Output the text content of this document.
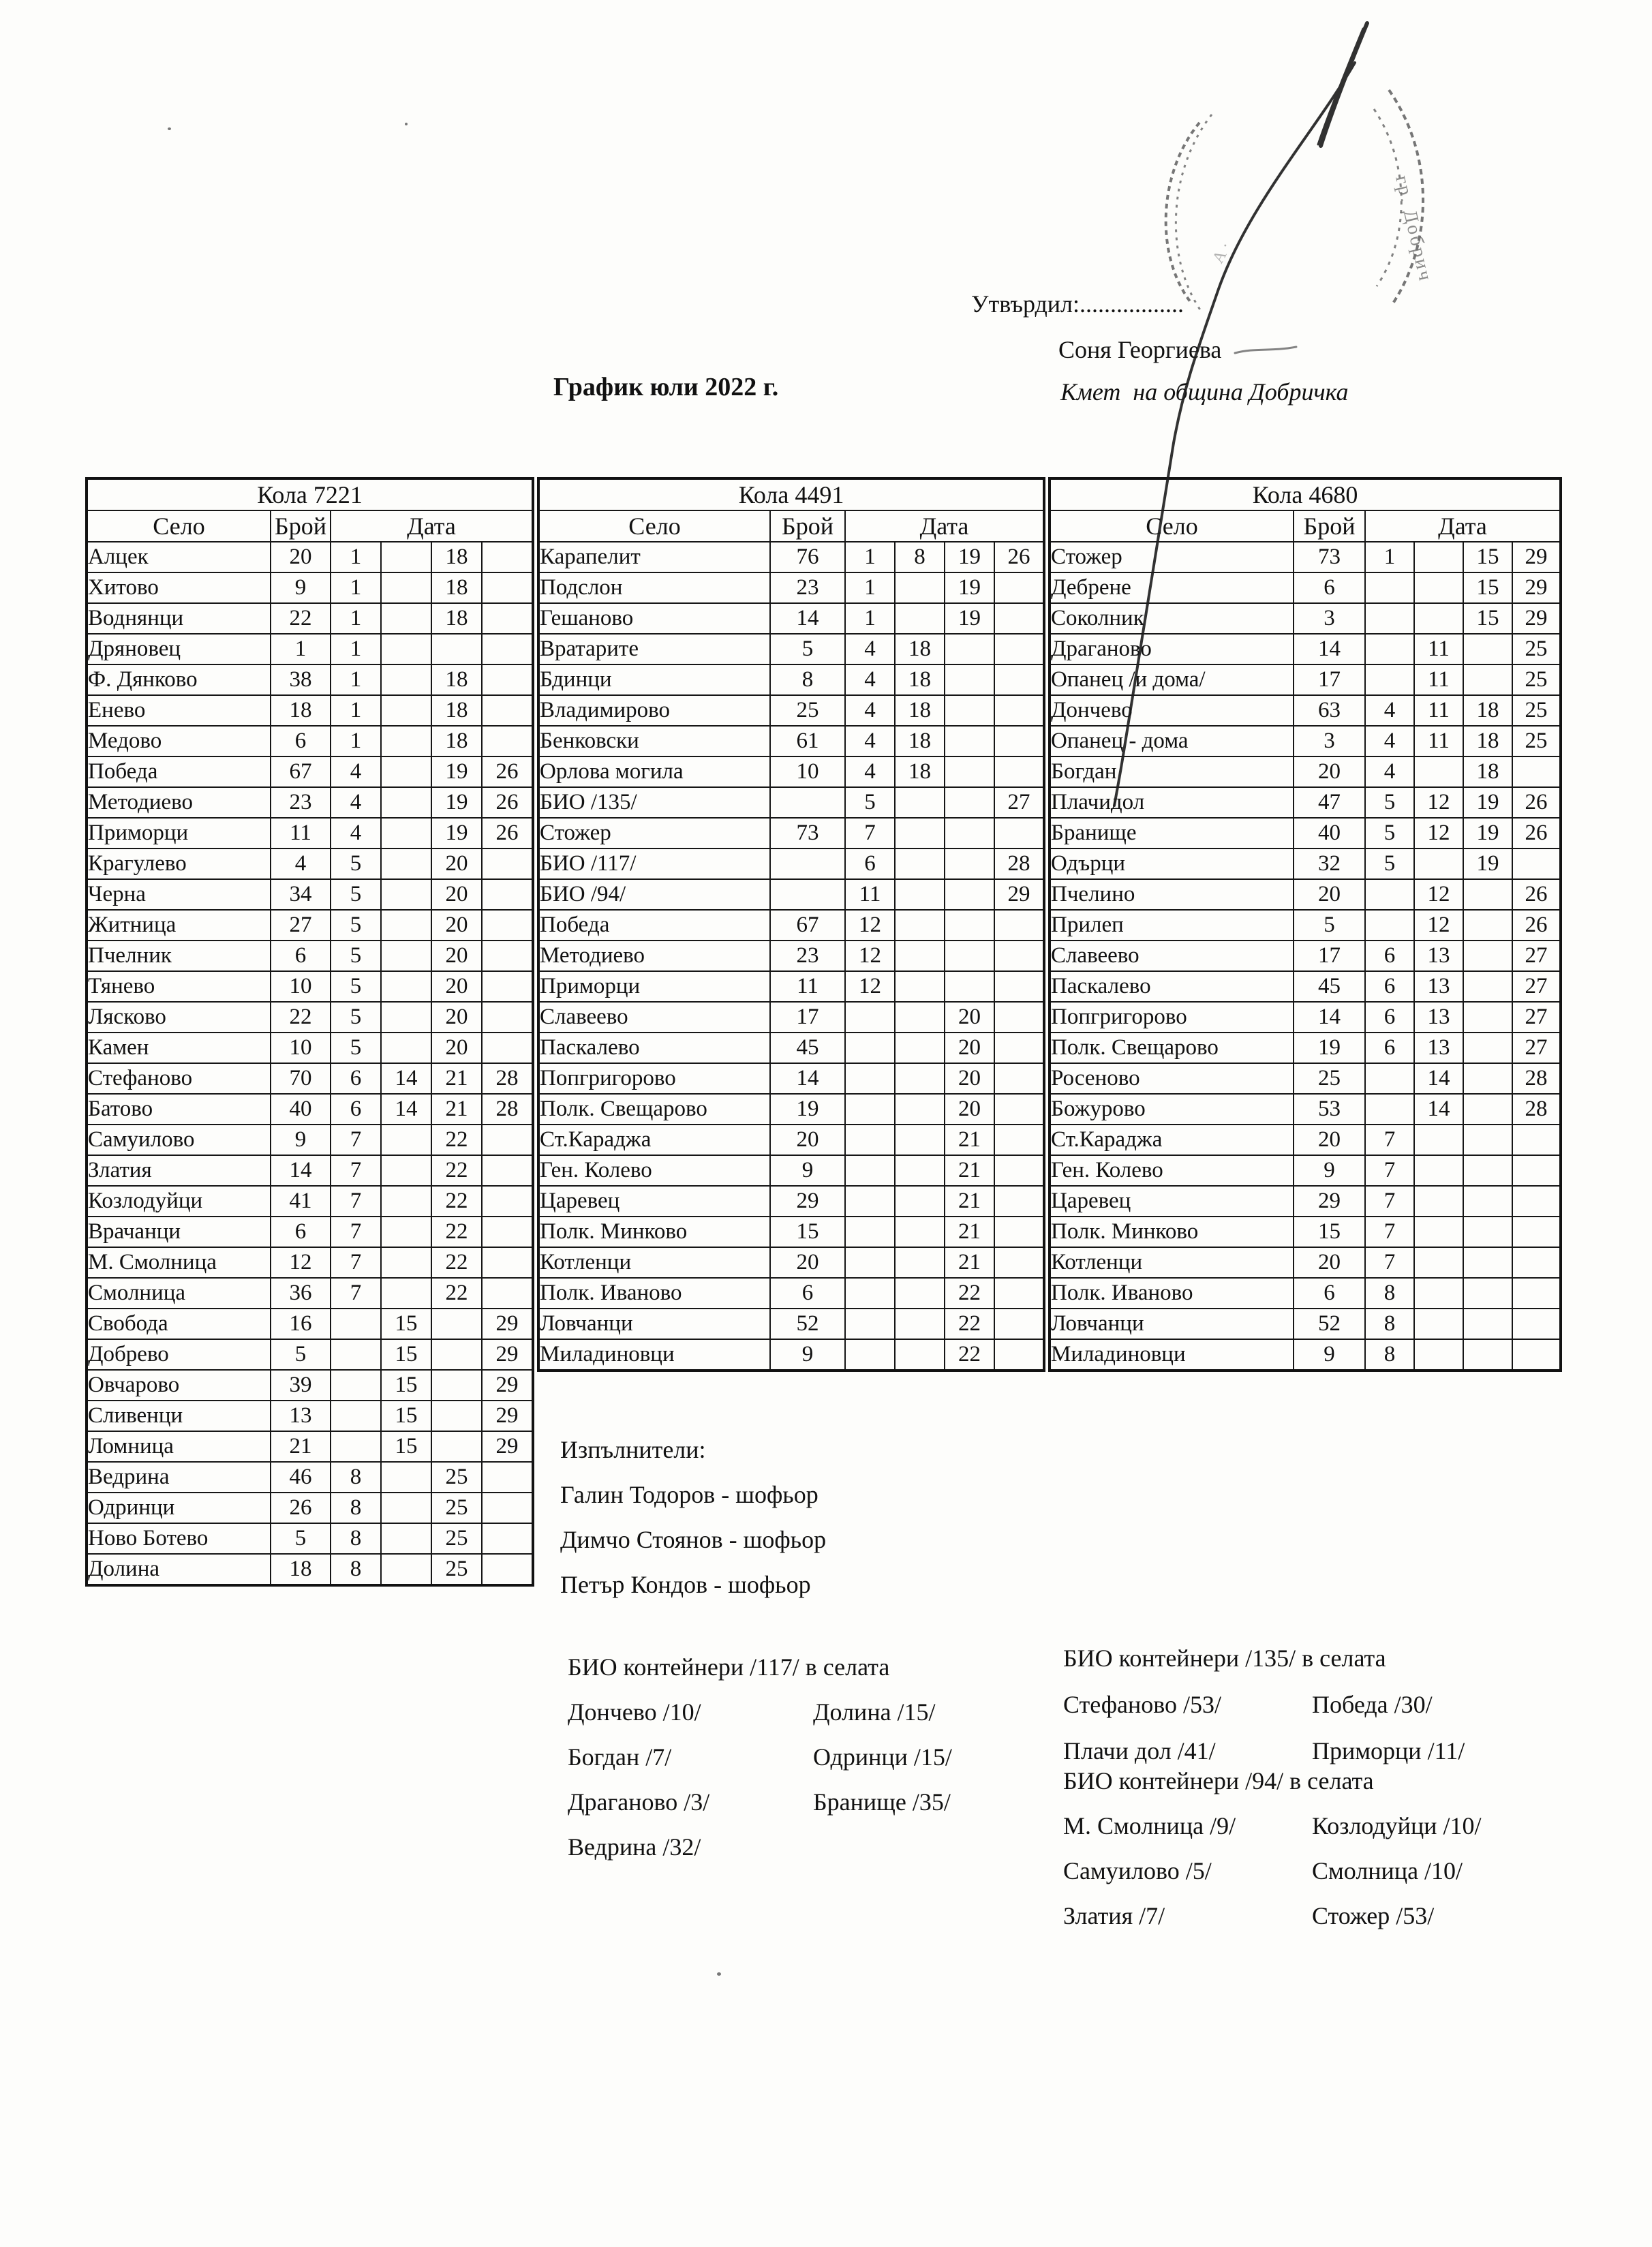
Утвърдил:.................
Соня Георгиева
Кмет  на община Добричка
График юли 2022 г.
Кола 7221					
Село	Брой	Дата			
Алцек	20	1		18	
Хитово	9	1		18	
Воднянци	22	1		18	
Дряновец	1	1			
Ф. Дянково	38	1		18	
Енево	18	1		18	
Медово	6	1		18	
Победа	67	4		19	26
Методиево	23	4		19	26
Приморци	11	4		19	26
Крагулево	4	5		20	
Черна	34	5		20	
Житница	27	5		20	
Пчелник	6	5		20	
Тянево	10	5		20	
Лясково	22	5		20	
Камен	10	5		20	
Стефаново	70	6	14	21	28
Батово	40	6	14	21	28
Самуилово	9	7		22	
Златия	14	7		22	
Козлодуйци	41	7		22	
Врачанци	6	7		22	
М. Смолница	12	7		22	
Смолница	36	7		22	
Свобода	16		15		29
Добрево	5		15		29
Овчарово	39		15		29
Сливенци	13		15		29
Ломница	21		15		29
Ведрина	46	8		25	
Одринци	26	8		25	
Ново Ботево	5	8		25	
Долина	18	8		25	
Кола 4491					
Село	Брой	Дата			
Карапелит	76	1	8	19	26
Подслон	23	1		19	
Гешаново	14	1		19	
Вратарите	5	4	18		
Бдинци	8	4	18		
Владимирово	25	4	18		
Бенковски	61	4	18		
Орлова могила	10	4	18		
БИО /135/		5			27
Стожер	73	7			
БИО /117/		6			28
БИО /94/		11			29
Победа	67	12			
Методиево	23	12			
Приморци	11	12			
Славеево	17			20	
Паскалево	45			20	
Попгригорово	14			20	
Полк. Свещарово	19			20	
Ст.Караджа	20			21	
Ген. Колево	9			21	
Царевец	29			21	
Полк. Минково	15			21	
Котленци	20			21	
Полк. Иваново	6			22	
Ловчанци	52			22	
Миладиновци	9			22	
Кола 4680					
Село	Брой	Дата			
Стожер	73	1		15	29
Дебрене	6			15	29
Соколник	3			15	29
Драганово	14		11		25
Опанец /и дома/	17		11		25
Дончево	63	4	11	18	25
Опанец - дома	3	4	11	18	25
Богдан	20	4		18	
Плачидол	47	5	12	19	26
Бранище	40	5	12	19	26
Одърци	32	5		19	
Пчелино	20		12		26
Прилеп	5		12		26
Славеево	17	6	13		27
Паскалево	45	6	13		27
Попгригорово	14	6	13		27
Полк. Свещарово	19	6	13		27
Росеново	25		14		28
Божурово	53		14		28
Ст.Караджа	20	7			
Ген. Колево	9	7			
Царевец	29	7			
Полк. Минково	15	7			
Котленци	20	7			
Полк. Иваново	6	8			
Ловчанци	52	8			
Миладиновци	9	8			
Изпълнители:
Галин Тодоров - шофьор
Димчо Стоянов - шофьор
Петър Кондов - шофьор
БИО контейнери /117/ в селата
Дончево /10/	Долина /15/
Богдан /7/	Одринци /15/
Драганово /3/	Бранище /35/
Ведрина /32/
БИО контейнери /135/ в селата
Стефаново /53/	Победа /30/
Плачи дол /41/	Приморци /11/
БИО контейнери /94/ в селата
М. Смолница /9/	Козлодуйци /10/
Самуилово /5/	Смолница /10/
Златия /7/	Стожер /53/
гр. Добрич
А ·
